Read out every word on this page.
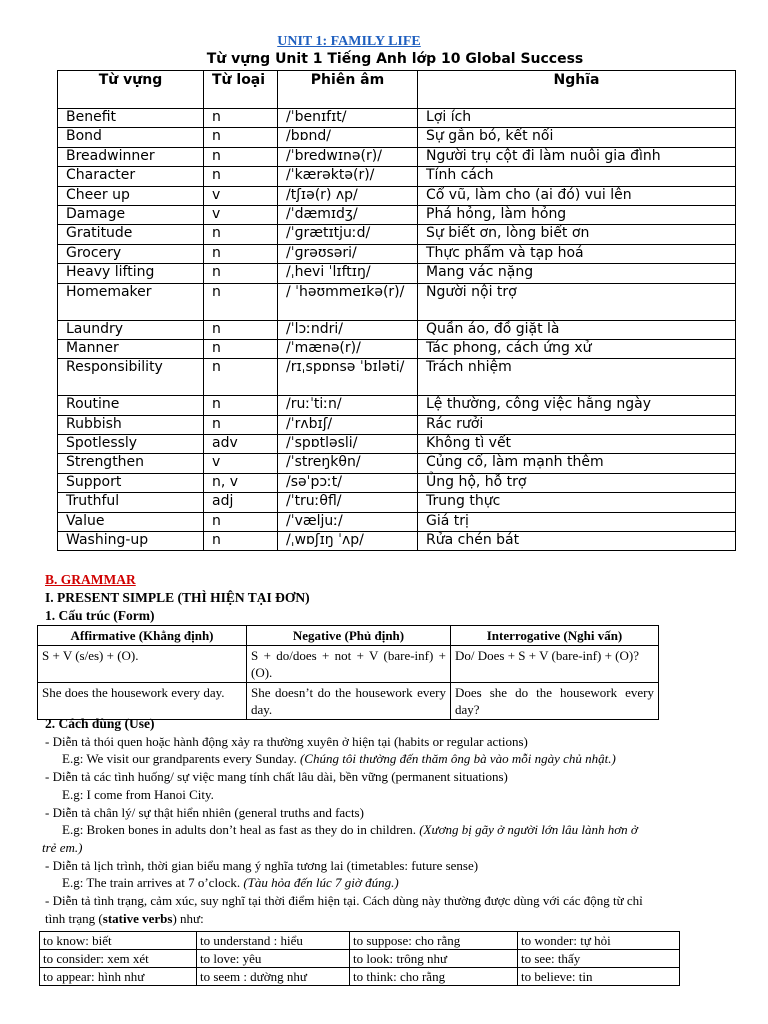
UNIT 1: FAMILY LIFE
Từ vựng Unit 1 Tiếng Anh lớp 10 Global Success
Từ vựng	Từ loại	Phiên âm	Nghĩa
Benefit	n	/ˈbenɪfɪt/	Lợi ích
Bond	n	/bɒnd/	Sự gắn bó, kết nối
Breadwinner	n	/ˈbredwɪnə(r)/	Người trụ cột đi làm nuôi gia đình
Character	n	/ˈkærəktə(r)/	Tính cách
Cheer up	v	/tʃɪə(r) ʌp/	Cổ vũ, làm cho (ai đó) vui lên
Damage	v	/ˈdæmɪdʒ/	Phá hỏng, làm hỏng
Gratitude	n	/ˈɡrætɪtjuːd/	Sự biết ơn, lòng biết ơn
Grocery	n	/ˈɡrəʊsəri/	Thực phẩm và tạp hoá
Heavy lifting	n	/ˌhevi ˈlɪftɪŋ/	Mang vác nặng
Homemaker	n	/ ˈhəʊmmeɪkə(r)/	Người nội trợ
Laundry	n	/ˈlɔːndri/	Quần áo, đồ giặt là
Manner	n	/ˈmænə(r)/	Tác phong, cách ứng xử
Responsibility	n	/rɪˌspɒnsə ˈbɪləti/	Trách nhiệm
Routine	n	/ruːˈtiːn/	Lệ thường, công việc hằng ngày
Rubbish	n	/ˈrʌbɪʃ/	Rác rưởi
Spotlessly	adv	/ˈspɒtləsli/	Không tì vết
Strengthen	v	/ˈstreŋkθn/	Củng cố, làm mạnh thêm
Support	n, v	/səˈpɔːt/	Ủng hộ, hỗ trợ
Truthful	adj	/ˈtruːθfl/	Trung thực
Value	n	/ˈvæljuː/	Giá trị
Washing-up	n	/ˌwɒʃɪŋ ˈʌp/	Rửa chén bát
B. GRAMMAR
I. PRESENT SIMPLE (THÌ HIỆN TẠI ĐƠN)
1. Cấu trúc (Form)
Affirmative (Khẳng định)	Negative (Phủ định)	Interrogative (Nghi vấn)
S + V (s/es) + (O).	S + do/does + not + V (bare-inf) + (O).	Do/ Does + S + V (bare-inf) + (O)?
She does the housework every day.	She doesn’t do the housework every day.	Does she do the housework every day?
2. Cách dùng (Use)
- Diễn tả thói quen hoặc hành động xảy ra thường xuyên ở hiện tại (habits or regular actions)
E.g: We visit our grandparents every Sunday. (Chúng tôi thường đến thăm ông bà vào mỗi ngày chủ nhật.)
- Diễn tả các tình huống/ sự việc mang tính chất lâu dài, bền vững (permanent situations)
E.g: I come from Hanoi City.
- Diễn tả chân lý/ sự thật hiển nhiên (general truths and facts)
E.g: Broken bones in adults don’t heal as fast as they do in children. (Xương bị gãy ở người lớn lâu lành hơn ở
trẻ em.)
- Diễn tả lịch trình, thời gian biểu mang ý nghĩa tương lai (timetables: future sense)
E.g: The train arrives at 7 o’clock. (Tàu hỏa đến lúc 7 giờ đúng.)
- Diễn tả tình trạng, cảm xúc, suy nghĩ tại thời điểm hiện tại. Cách dùng này thường được dùng với các động từ chỉ
tình trạng (stative verbs) như:
to know: biết	to understand : hiểu	to suppose: cho rằng	to wonder: tự hỏi
to consider: xem xét	to love: yêu	to look: trông như	to see: thấy
to appear: hình như	to seem : dường như	to think: cho rằng	to believe: tin
